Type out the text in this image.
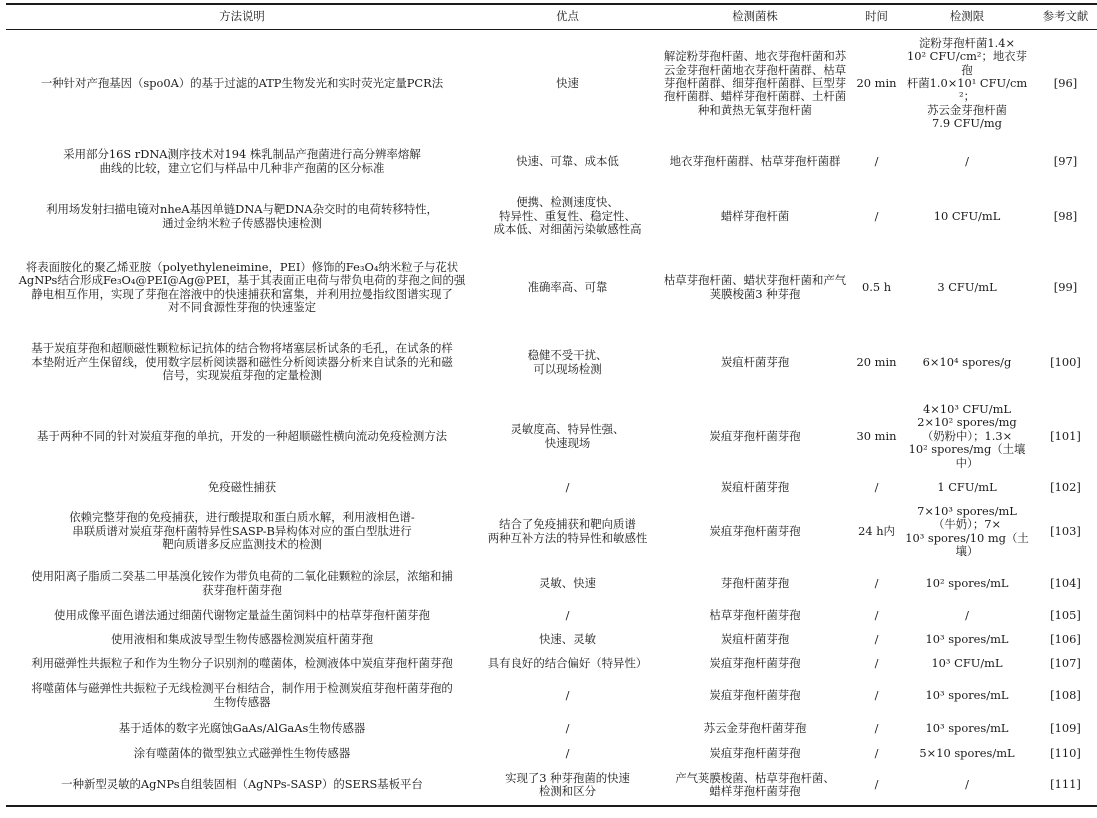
方法说明	优点	检测菌株	时间	检测限	参考文献
一种针对产孢基因（spo0A）的基于过滤的ATP生物发光和实时荧光定量PCR法	快速	解淀粉芽孢杆菌、地衣芽孢杆菌和苏
云金芽孢杆菌地衣芽孢杆菌群、枯草
芽孢杆菌群、细芽孢杆菌群、巨型芽
孢杆菌群、蜡样芽孢杆菌群、土杆菌
种和黄热无氧芽孢杆菌	20 min	淀粉芽孢杆菌1.4×
10² CFU/cm²；地衣芽孢
杆菌1.0×10¹ CFU/cm²；
苏云金芽孢杆菌
7.9 CFU/mg	[96]
采用部分16S rDNA测序技术对194 株乳制品产孢菌进行高分辨率熔解
曲线的比较，建立它们与样品中几种非产孢菌的区分标准	快速、可靠、成本低	地衣芽孢杆菌群、枯草芽孢杆菌群	/	/	[97]
利用场发射扫描电镜对nheA基因单链DNA与靶DNA杂交时的电荷转移特性，
通过金纳米粒子传感器快速检测	便携、检测速度快、
特异性、重复性、稳定性、
成本低、对细菌污染敏感性高	蜡样芽孢杆菌	/	10 CFU/mL	[98]
将表面胺化的聚乙烯亚胺（polyethyleneimine，PEI）修饰的Fe₃O₄纳米粒子与花状
AgNPs结合形成Fe₃O₄@PEI@Ag@PEI，基于其表面正电荷与带负电荷的芽孢之间的强
静电相互作用，实现了芽孢在溶液中的快速捕获和富集，并利用拉曼指纹图谱实现了
对不同食源性芽孢的快速鉴定	准确率高、可靠	枯草芽孢杆菌、蜡状芽孢杆菌和产气
荚膜梭菌3 种芽孢	0.5 h	3 CFU/mL	[99]
基于炭疽芽孢和超顺磁性颗粒标记抗体的结合物将堵塞层析试条的毛孔，在试条的样
本垫附近产生保留线，使用数字层析阅读器和磁性分析阅读器分析来自试条的光和磁
信号，实现炭疽芽孢的定量检测	稳健不受干扰、
可以现场检测	炭疽杆菌芽孢	20 min	6×10⁴ spores/g	[100]
基于两种不同的针对炭疽芽孢的单抗，开发的一种超顺磁性横向流动免疫检测方法	灵敏度高、特异性强、
快速现场	炭疽芽孢杆菌芽孢	30 min	4×10³ CFU/mL
2×10² spores/mg
（奶粉中）；1.3×
10² spores/mg（土壤中）	[101]
免疫磁性捕获	/	炭疽杆菌芽孢	/	1 CFU/mL	[102]
依赖完整芽孢的免疫捕获，进行酸提取和蛋白质水解，利用液相色谱-
串联质谱对炭疽芽孢杆菌特异性SASP-B异构体对应的蛋白型肽进行
靶向质谱多反应监测技术的检测	结合了免疫捕获和靶向质谱
两种互补方法的特异性和敏感性	炭疽芽孢杆菌芽孢	24 h内	7×10³ spores/mL
（牛奶）；7×
10³ spores/10 mg（土壤）	[103]
使用阳离子脂质二癸基二甲基溴化铵作为带负电荷的二氧化硅颗粒的涂层，浓缩和捕
获芽孢杆菌芽孢	灵敏、快速	芽孢杆菌芽孢	/	10² spores/mL	[104]
使用成像平面色谱法通过细菌代谢物定量益生菌饲料中的枯草芽孢杆菌芽孢	/	枯草芽孢杆菌芽孢	/	/	[105]
使用液相和集成波导型生物传感器检测炭疽杆菌芽孢	快速、灵敏	炭疽杆菌芽孢	/	10³ spores/mL	[106]
利用磁弹性共振粒子和作为生物分子识别剂的噬菌体，检测液体中炭疽芽孢杆菌芽孢	具有良好的结合偏好（特异性）	炭疽芽孢杆菌芽孢	/	10³ CFU/mL	[107]
将噬菌体与磁弹性共振粒子无线检测平台相结合，制作用于检测炭疽芽孢杆菌芽孢的
生物传感器	/	炭疽芽孢杆菌芽孢	/	10³ spores/mL	[108]
基于适体的数字光腐蚀GaAs/AlGaAs生物传感器	/	苏云金芽孢杆菌芽孢	/	10³ spores/mL	[109]
涂有噬菌体的微型独立式磁弹性生物传感器	/	炭疽芽孢杆菌芽孢	/	5×10 spores/mL	[110]
一种新型灵敏的AgNPs自组装固相（AgNPs-SASP）的SERS基板平台	实现了3 种芽孢菌的快速
检测和区分	产气荚膜梭菌、枯草芽孢杆菌、
蜡样芽孢杆菌芽孢	/	/	[111]
